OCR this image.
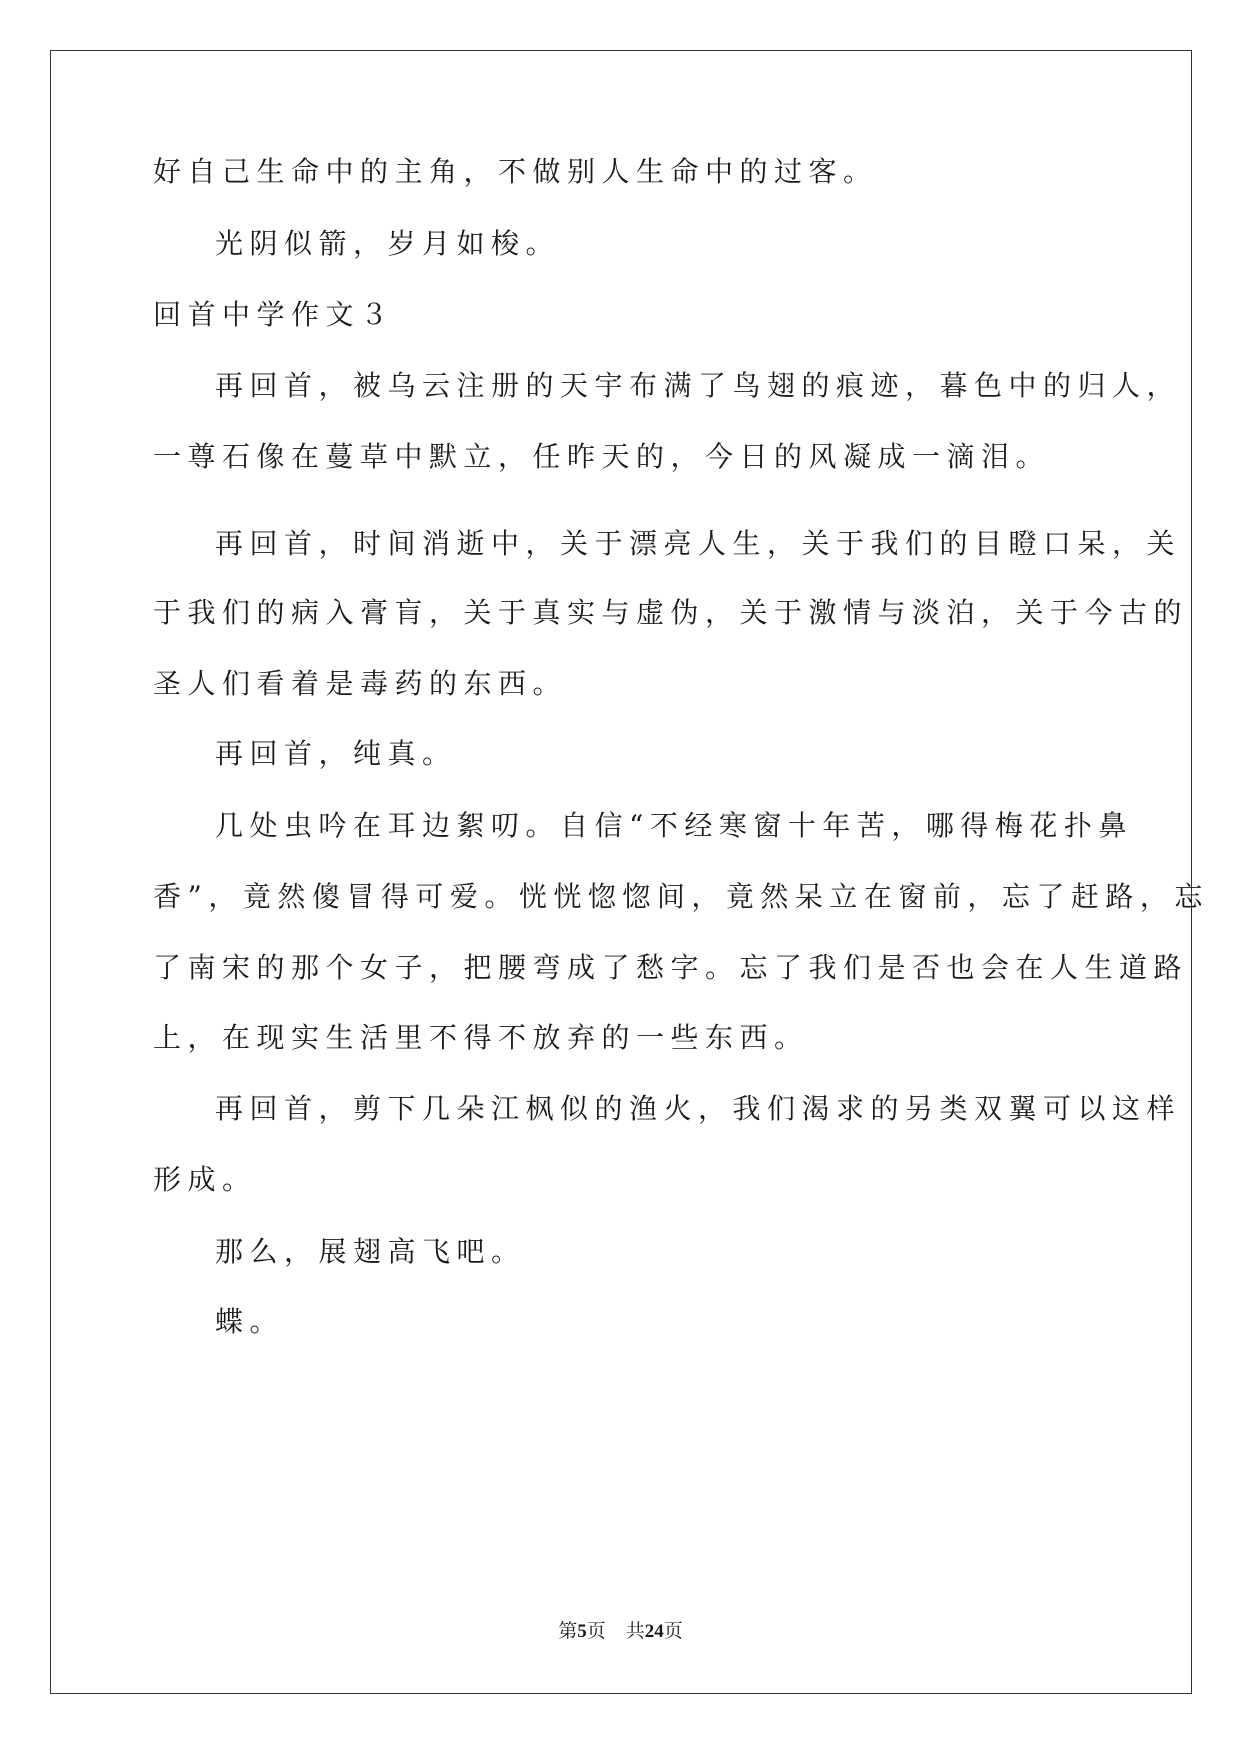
好自己生命中的主角，不做别人生命中的过客。
光阴似箭，岁月如梭。
回首中学作文３
再回首，被乌云注册的天宇布满了鸟翅的痕迹，暮色中的归人，
一尊石像在蔓草中默立，任昨天的，今日的风凝成一滴泪。
再回首，时间消逝中，关于漂亮人生，关于我们的目瞪口呆，关
于我们的病入膏肓，关于真实与虚伪，关于激情与淡泊，关于今古的
圣人们看着是毒药的东西。
再回首，纯真。
几处虫吟在耳边絮叨。自信“不经寒窗十年苦，哪得梅花扑鼻
香”，竟然傻冒得可爱。恍恍惚惚间，竟然呆立在窗前，忘了赶路，忘
了南宋的那个女子，把腰弯成了愁字。忘了我们是否也会在人生道路
上，在现实生活里不得不放弃的一些东西。
再回首，剪下几朵江枫似的渔火，我们渴求的另类双翼可以这样
形成。
那么，展翅高飞吧。
蝶。
第5页 共24页
